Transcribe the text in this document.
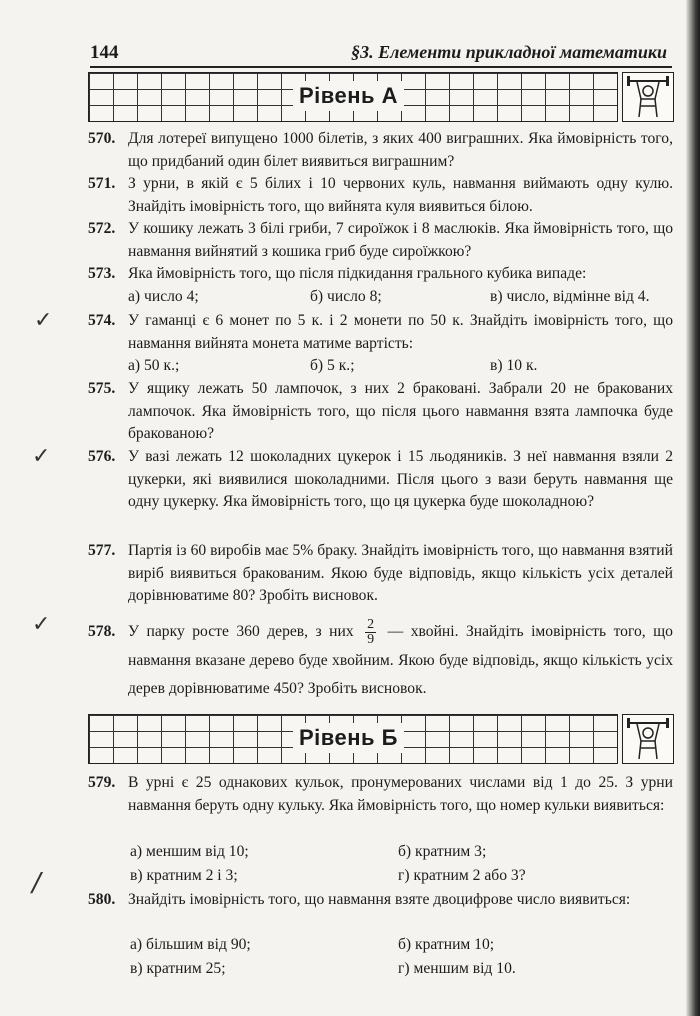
144	§3. Елементи прикладної математики
Рівень А
570. Для лотереї випущено 1000 білетів, з яких 400 виграшних. Яка ймовірність того, що придбаний один білет виявиться виграшним?
571. З урни, в якій є 5 білих і 10 червоних куль, навмання виймають одну кулю. Знайдіть імовірність того, що вийнята куля виявиться білою.
572. У кошику лежать 3 білі гриби, 7 сироїжок і 8 маслюків. Яка ймовірність того, що навмання вийнятий з кошика гриб буде сироїжкою?
573. Яка ймовірність того, що після підкидання грального кубика випаде:
а) число 4;	б) число 8;	в) число, відмінне від 4.
✓ 574. У гаманці є 6 монет по 5 к. і 2 монети по 50 к. Знайдіть імовірність того, що навмання вийнята монета матиме вартість:
а) 50 к.;	б) 5 к.;	в) 10 к.
575. У ящику лежать 50 лампочок, з них 2 браковані. Забрали 20 не бракованих лампочок. Яка ймовірність того, що після цього навмання взята лампочка буде бракованою?
✓ 576. У вазі лежать 12 шоколадних цукерок і 15 льодяників. З неї навмання взяли 2 цукерки, які виявилися шоколадними. Після цього з вази беруть навмання ще одну цукерку. Яка ймовірність того, що ця цукерка буде шоколадною?
577. Партія із 60 виробів має 5% браку. Знайдіть імовірність того, що навмання взятий виріб виявиться бракованим. Якою буде відповідь, якщо кількість усіх деталей дорівнюватиме 80? Зробіть висновок.
✓ 578. У парку росте 360 дерев, з них $\frac{2}{9}$ — хвойні. Знайдіть імовірність того, що навмання вказане дерево буде хвойним. Якою буде відповідь, якщо кількість усіх дерев дорівнюватиме 450? Зробіть висновок.
Рівень Б
579. В урні є 25 однакових кульок, пронумерованих числами від 1 до 25. З урни навмання беруть одну кульку. Яка ймовірність того, що номер кульки виявиться:
а) меншим від 10;	б) кратним 3;
в) кратним 2 і 3;	г) кратним 2 або 3?
/
580. Знайдіть імовірність того, що навмання взяте двоцифрове число виявиться:
а) більшим від 90;	б) кратним 10;
в) кратним 25;	г) меншим від 10.
